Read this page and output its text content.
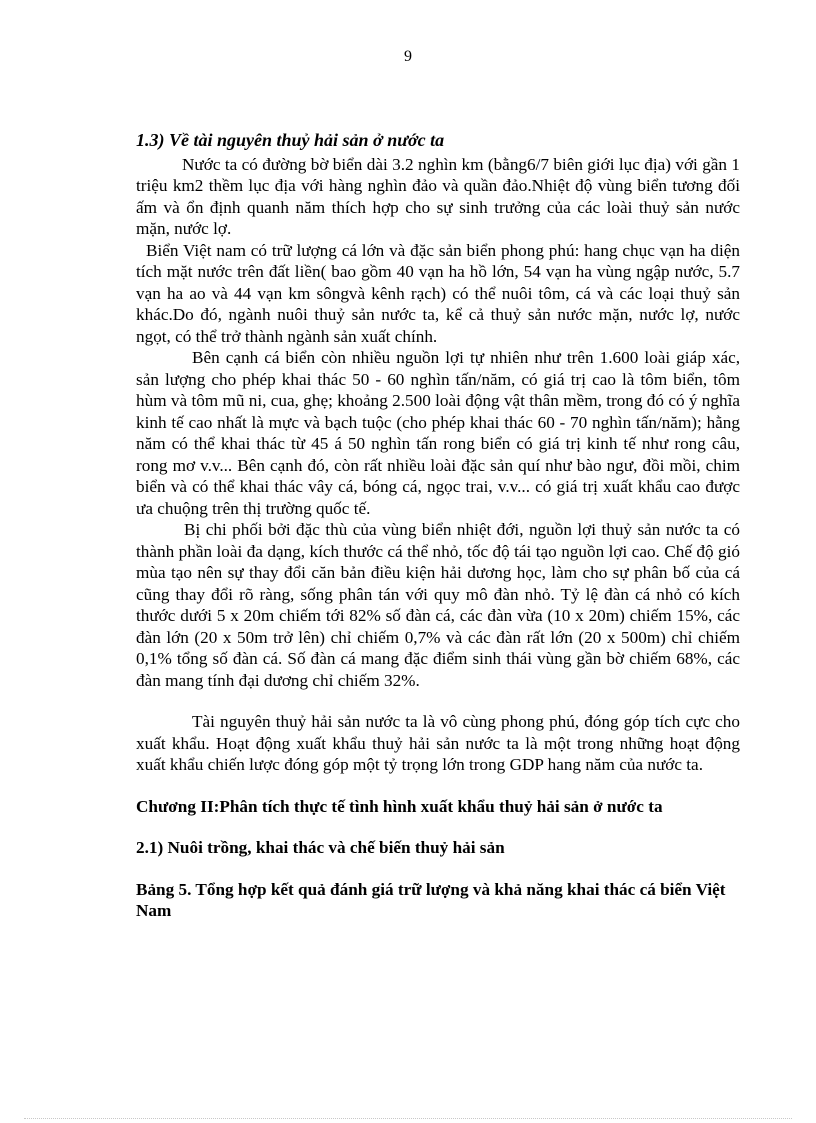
9
1.3) Về tài nguyên thuỷ hải sản ở nước ta

Nước ta có đường bờ biển dài 3.2 nghìn km (bằng6/7 biên giới lục địa) với gần 1 triệu km2 thềm lục địa với hàng nghìn đảo và quần đảo.Nhiệt độ vùng biển tương đối ấm và ổn định quanh năm thích hợp cho sự sinh trưởng của các loài thuỷ sản nước mặn, nước lợ.

Biển Việt nam có trữ lượng cá lớn và đặc sản biển phong phú: hang chục vạn ha diện tích mặt nước trên đất liền( bao gồm 40 vạn ha hồ lớn, 54 vạn ha vùng ngập nước, 5.7 vạn ha ao và 44 vạn km sôngvà kênh rạch) có thể nuôi tôm, cá và các loại thuỷ sản khác.Do đó, ngành nuôi thuỷ sản nước ta, kể cả thuỷ sản nước mặn, nước lợ, nước ngọt, có thể trở thành ngành sản xuất chính.

Bên cạnh cá biển còn nhiều nguồn lợi tự nhiên như trên 1.600 loài giáp xác, sản lượng cho phép khai thác 50 - 60 nghìn tấn/năm, có giá trị cao là tôm biển, tôm hùm và tôm mũ ni, cua, ghẹ; khoảng 2.500 loài động vật thân mềm, trong đó có ý nghĩa kinh tế cao nhất là mực và bạch tuộc (cho phép khai thác 60 - 70 nghìn tấn/năm); hằng năm có thể khai thác từ 45 á 50 nghìn tấn rong biển có giá trị kinh tế như rong câu, rong mơ v.v... Bên cạnh đó, còn rất nhiều loài đặc sản quí như bào ngư, đồi mồi, chim biển và có thể khai thác vây cá, bóng cá, ngọc trai, v.v... có giá trị xuất khẩu cao được ưa chuộng trên thị trường quốc tế.

Bị chi phối bởi đặc thù của vùng biển nhiệt đới, nguồn lợi thuỷ sản nước ta có thành phần loài đa dạng, kích thước cá thể nhỏ, tốc độ tái tạo nguồn lợi cao. Chế độ gió mùa tạo nên sự thay đổi căn bản điều kiện hải dương học, làm cho sự phân bố của cá cũng thay đổi rõ ràng, sống phân tán với quy mô đàn nhỏ. Tỷ lệ đàn cá nhỏ có kích thước dưới 5 x 20m chiếm tới 82% số đàn cá, các đàn vừa (10 x 20m) chiếm 15%, các đàn lớn (20 x 50m trở lên) chỉ chiếm 0,7% và các đàn rất lớn (20 x 500m) chỉ chiếm 0,1% tổng số đàn cá. Số đàn cá mang đặc điểm sinh thái vùng gần bờ chiếm 68%, các đàn mang tính đại dương chỉ chiếm 32%.

Tài nguyên thuỷ hải sản nước ta là vô cùng phong phú, đóng góp tích cực cho xuất khẩu. Hoạt động xuất khẩu thuỷ hải sản nước ta là một trong những hoạt động xuất khẩu chiến lược đóng góp một tỷ trọng lớn trong GDP hang năm của nước ta.

Chương II:Phân tích thực tế tình hình xuất khẩu thuỷ hải sản ở nước ta
2.1) Nuôi trồng, khai thác và chế biến thuỷ hải sản
Bảng 5. Tổng hợp kết quả đánh giá trữ lượng và khả năng khai thác cá biển Việt Nam
